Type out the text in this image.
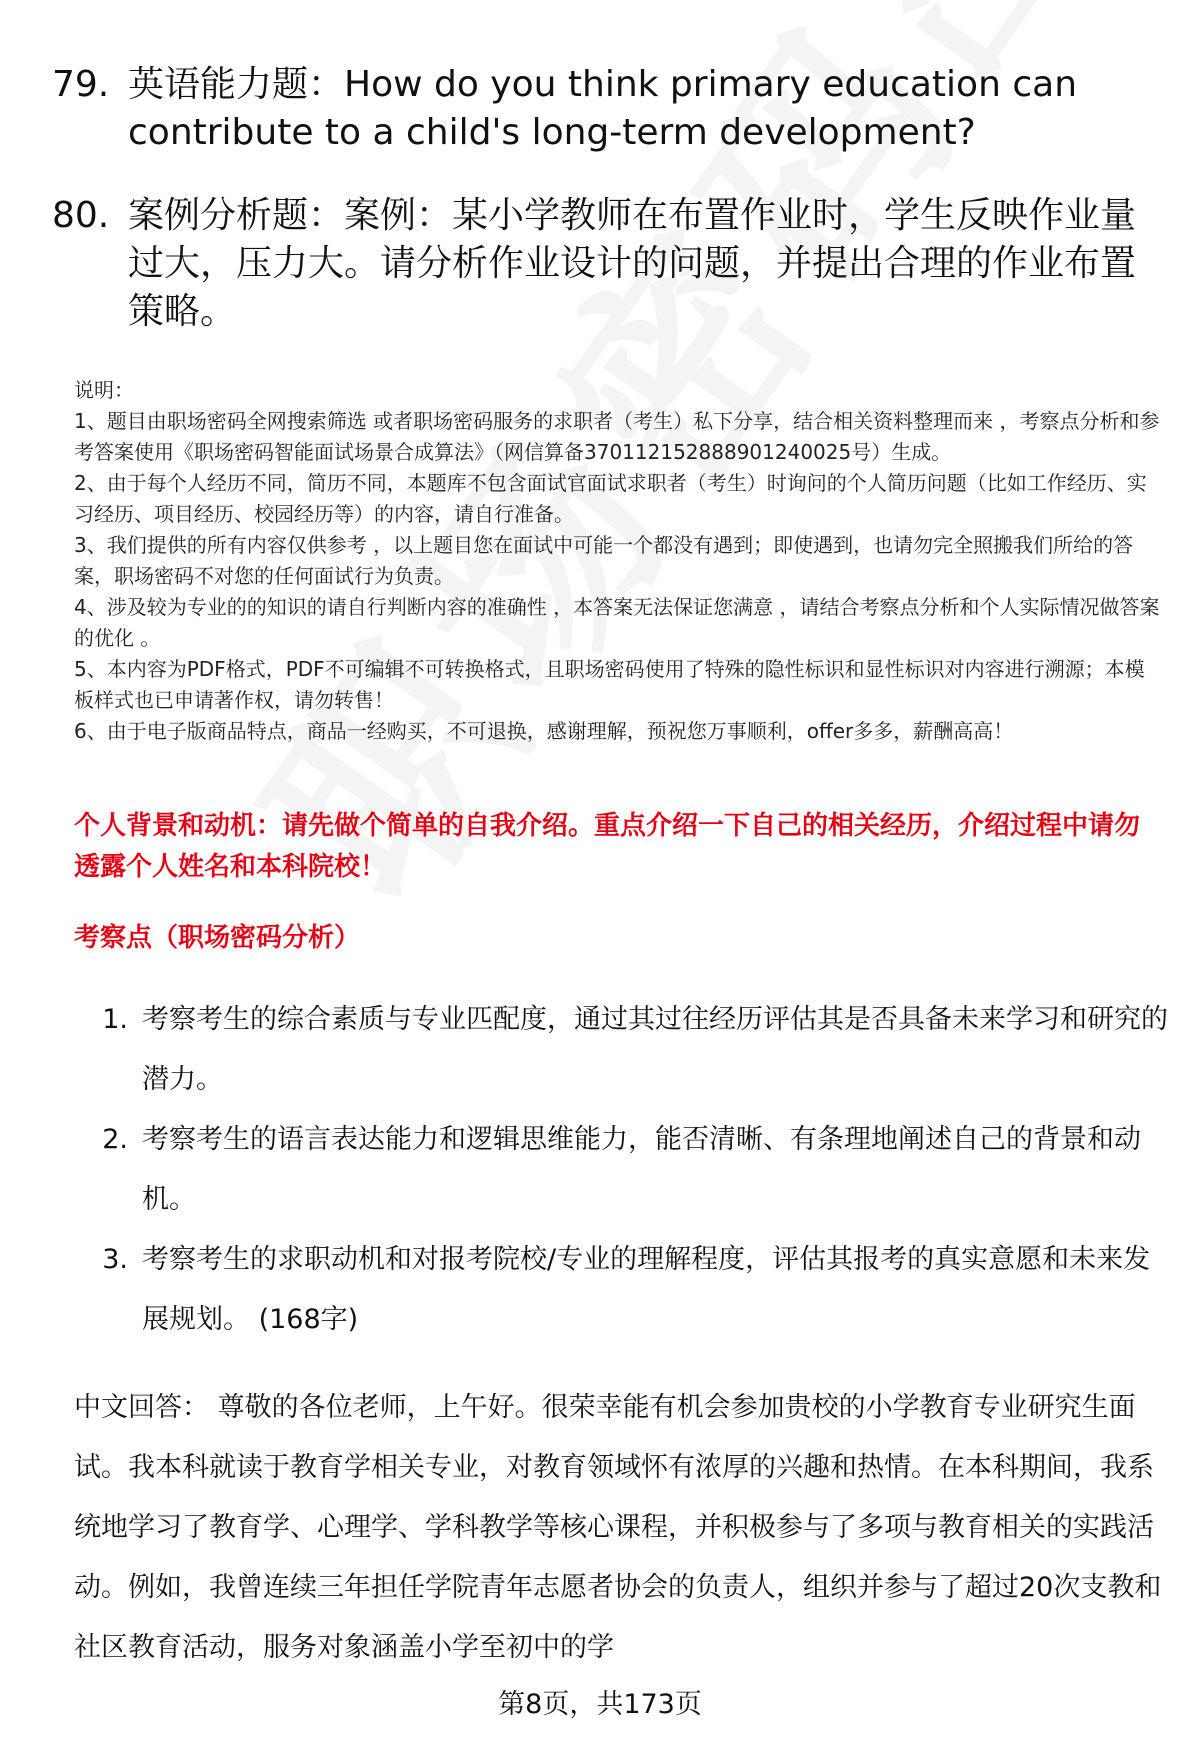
79. 英语能力题：How do you think primary education can contribute to a child's long-term development?
80. 案例分析题：案例：某小学教师在布置作业时，学生反映作业量过大，压力大。请分析作业设计的问题，并提出合理的作业布置策略。
说明：
1、题目由职场密码全网搜索筛选 或者职场密码服务的求职者（考生）私下分享，结合相关资料整理而来 ，考察点分析和参考答案使用《职场密码智能面试场景合成算法》（网信算备370112152888901240025号）生成。
2、由于每个人经历不同，简历不同，本题库不包含面试官面试求职者（考生）时询问的个人简历问题（比如工作经历、实习经历、项目经历、校园经历等）的内容，请自行准备。
3、我们提供的所有内容仅供参考 ，以上题目您在面试中可能一个都没有遇到；即使遇到，也请勿完全照搬我们所给的答案，职场密码不对您的任何面试行为负责。
4、涉及较为专业的的知识的请自行判断内容的准确性 ，本答案无法保证您满意 ，请结合考察点分析和个人实际情况做答案的优化 。
5、本内容为PDF格式，PDF不可编辑不可转换格式，且职场密码使用了特殊的隐性标识和显性标识对内容进行溯源；本模板样式也已申请著作权，请勿转售！
6、由于电子版商品特点，商品一经购买，不可退换，感谢理解，预祝您万事顺利，offer多多，薪酬高高！
个人背景和动机：请先做个简单的自我介绍。重点介绍一下自己的相关经历，介绍过程中请勿透露个人姓名和本科院校！
考察点（职场密码分析）
1. 考察考生的综合素质与专业匹配度，通过其过往经历评估其是否具备未来学习和研究的潜力。
2. 考察考生的语言表达能力和逻辑思维能力，能否清晰、有条理地阐述自己的背景和动机。
3. 考察考生的求职动机和对报考院校/专业的理解程度，评估其报考的真实意愿和未来发展规划。 (168字)
中文回答： 尊敬的各位老师，上午好。很荣幸能有机会参加贵校的小学教育专业研究生面试。我本科就读于教育学相关专业，对教育领域怀有浓厚的兴趣和热情。在本科期间，我系统地学习了教育学、心理学、学科教学等核心课程，并积极参与了多项与教育相关的实践活动。例如，我曾连续三年担任学院青年志愿者协会的负责人，组织并参与了超过20次支教和社区教育活动，服务对象涵盖小学至初中的学
第8页，共173页
